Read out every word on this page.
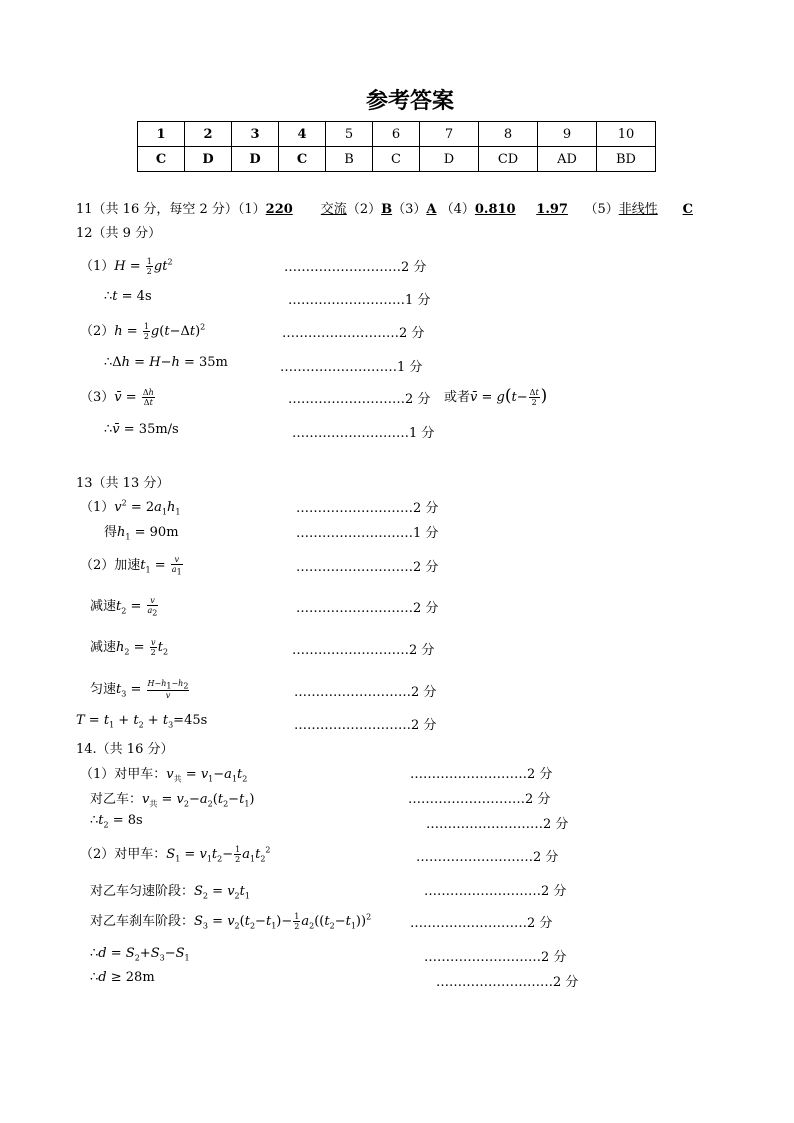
参考答案
1	2	3	4	5	6	7	8	9	10
C	D	D	C	B	C	D	CD	AD	BD
11（共 16 分，每空 2 分）（1）220 交流（2）B（3）A （4）0.810 1.97 （5）非线性 C
12（共 9 分）
$(1)H = \frac{1}{2} gt^2$	………………………2 分
∴t = 4s	………………………1 分
$(2)h = \frac{1}{2} g(t-\Delta t)^2$	………………………2 分
∴Δh = H−h = 35m	………………………1 分
（3）v̄ = $\frac{\Delta h}{\Delta t}$	………………………2 分 或者v̄ = $g(t- \frac{\Delta t}{2}$ )
∴v̄ = 35m/s	………………………1 分
13（共 13 分）
$(1)v^2 = 2a_1h_1$	………………………2 分
得$h_1 = 90m$	………………………1 分
（2）加速$t_1 = \frac{v}{a_1}$	………………………2 分
减速$t_2 = \frac{v}{a_2}$	………………………2 分
减速$h_2 = \frac{v}{2} t_2$	………………………2 分
匀速$t_3 = \frac{H-h_1-h_2}{v}$	………………………2 分
$T = t_1 + t_2 + t_3=45s$	………………………2 分
14.（共 16 分）
（1）对甲车：$v_共 = v_1-a_1t_2$	………………………2 分
对乙车：$v_共 = v_2-a_2(t_2-t_1)$	………………………2 分
$\therefore t_2 = 8s$	………………………2 分
（2）对甲车：$S_1 = v_1t_2- \frac{1}{2} a_1t_2^2$	………………………2 分
对乙车匀速阶段：$S_2 = v_2t_1$	………………………2 分
对乙车刹车阶段：$S_3 = v_2(t_2-t_1)- \frac{1}{2} a_2((t_2-t_1))^2$	………………………2 分
∴d = $S_2+S_3-S_1$	………………………2 分
∴d ≥ 28m	………………………2 分
